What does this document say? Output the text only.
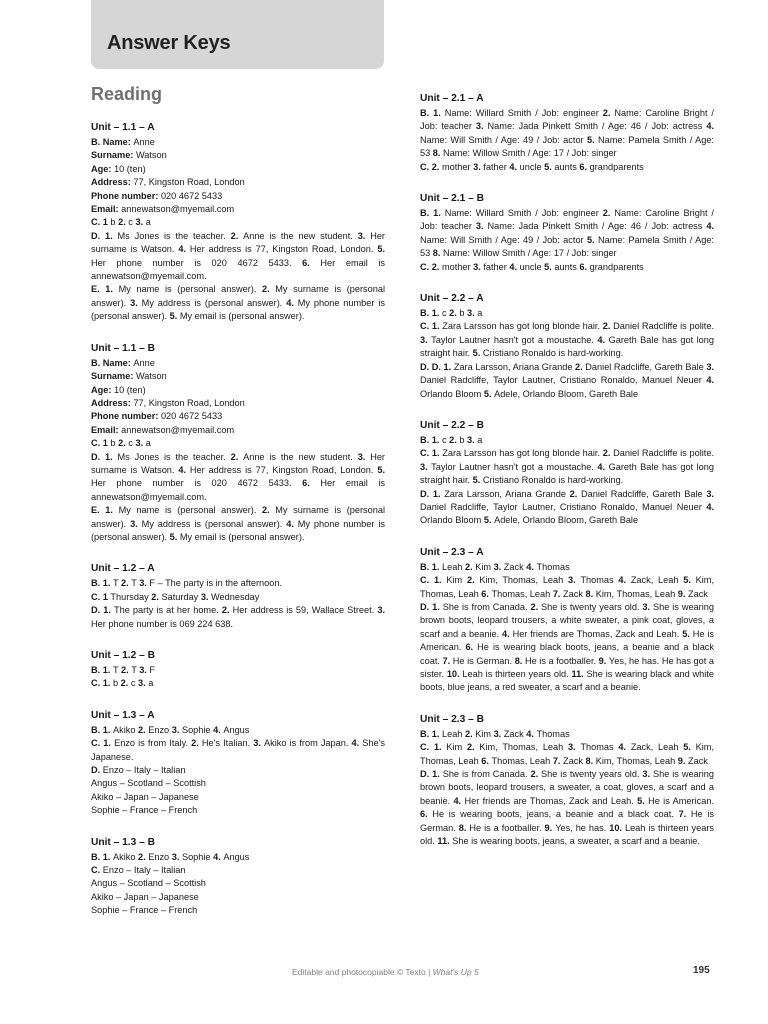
Answer Keys
Reading
Unit – 1.1 – A
B. Name: Anne
Surname: Watson
Age: 10 (ten)
Address: 77, Kingston Road, London
Phone number: 020 4672 5433
Email: annewatson@myemail.com
C. 1 b 2. c 3. a
D. 1. Ms Jones is the teacher. 2. Anne is the new student. 3. Her surname is Watson. 4. Her address is 77, Kingston Road, London. 5. Her phone number is 020 4672 5433. 6. Her email is annewatson@myemail.com.
E. 1. My name is (personal answer). 2. My surname is (personal answer). 3. My address is (personal answer). 4. My phone number is (personal answer). 5. My email is (personal answer).
Unit – 1.1 – B
B. Name: Anne
Surname: Watson
Age: 10 (ten)
Address: 77, Kingston Road, London
Phone number: 020 4672 5433
Email: annewatson@myemail.com
C. 1 b 2. c 3. a
D. 1. Ms Jones is the teacher. 2. Anne is the new student. 3. Her surname is Watson. 4. Her address is 77, Kingston Road, London. 5. Her phone number is 020 4672 5433. 6. Her email is annewatson@myemail.com.
E. 1. My name is (personal answer). 2. My surname is (personal answer). 3. My address is (personal answer). 4. My phone number is (personal answer). 5. My email is (personal answer).
Unit – 1.2 – A
B. 1. T 2. T 3. F – The party is in the afternoon.
C. 1 Thursday 2. Saturday 3. Wednesday
D. 1. The party is at her home. 2. Her address is 59, Wallace Street. 3. Her phone number is 069 224 638.
Unit – 1.2 – B
B. 1. T 2. T 3. F
C. 1. b 2. c 3. a
Unit – 1.3 – A
B. 1. Akiko 2. Enzo 3. Sophie 4. Angus
C. 1. Enzo is from Italy. 2. He's Italian. 3. Akiko is from Japan. 4. She's Japanese.
D. Enzo – Italy – Italian
Angus – Scotland – Scottish
Akiko – Japan – Japanese
Sophie – France – French
Unit – 1.3 – B
B. 1. Akiko 2. Enzo 3. Sophie 4. Angus
C. Enzo – Italy – Italian
Angus – Scotland – Scottish
Akiko – Japan – Japanese
Sophie – France – French
Unit – 2.1 – A
B. 1. Name: Willard Smith / Job: engineer 2. Name: Caroline Bright / Job: teacher 3. Name: Jada Pinkett Smith / Age: 46 / Job: actress 4. Name: Will Smith / Age: 49 / Job: actor 5. Name: Pamela Smith / Age: 53 8. Name: Willow Smith / Age: 17 / Job: singer
C. 2. mother 3. father 4. uncle 5. aunts 6. grandparents
Unit – 2.1 – B
B. 1. Name: Willard Smith / Job: engineer 2. Name: Caroline Bright / Job: teacher 3. Name: Jada Pinkett Smith / Age: 46 / Job: actress 4. Name: Will Smith / Age: 49 / Job: actor 5. Name: Pamela Smith / Age: 53 8. Name: Willow Smith / Age: 17 / Job: singer
C. 2. mother 3. father 4. uncle 5. aunts 6. grandparents
Unit – 2.2 – A
B. 1. c 2. b 3. a
C. 1. Zara Larsson has got long blonde hair. 2. Daniel Radcliffe is polite. 3. Taylor Lautner hasn't got a moustache. 4. Gareth Bale has got long straight hair. 5. Cristiano Ronaldo is hard-working.
D. D. 1. Zara Larsson, Ariana Grande 2. Daniel Radcliffe, Gareth Bale 3. Daniel Radcliffe, Taylor Lautner, Cristiano Ronaldo, Manuel Neuer 4. Orlando Bloom 5. Adele, Orlando Bloom, Gareth Bale
Unit – 2.2 – B
B. 1. c 2. b 3. a
C. 1. Zara Larsson has got long blonde hair. 2. Daniel Radcliffe is polite. 3. Taylor Lautner hasn't got a moustache. 4. Gareth Bale has got long straight hair. 5. Cristiano Ronaldo is hard-working.
D. 1. Zara Larsson, Ariana Grande 2. Daniel Radcliffe, Gareth Bale 3. Daniel Radcliffe, Taylor Lautner, Cristiano Ronaldo, Manuel Neuer 4. Orlando Bloom 5. Adele, Orlando Bloom, Gareth Bale
Unit – 2.3 – A
B. 1. Leah 2. Kim 3. Zack 4. Thomas
C. 1. Kim 2. Kim, Thomas, Leah 3. Thomas 4. Zack, Leah 5. Kim, Thomas, Leah 6. Thomas, Leah 7. Zack 8. Kim, Thomas, Leah 9. Zack
D. 1. She is from Canada. 2. She is twenty years old. 3. She is wearing brown boots, leopard trousers, a white sweater, a pink coat, gloves, a scarf and a beanie. 4. Her friends are Thomas, Zack and Leah. 5. He is American. 6. He is wearing black boots, jeans, a beanie and a black coat. 7. He is German. 8. He is a footballer. 9. Yes, he has. He has got a sister. 10. Leah is thirteen years old. 11. She is wearing black and white boots, blue jeans, a red sweater, a scarf and a beanie.
Unit – 2.3 – B
B. 1. Leah 2. Kim 3. Zack 4. Thomas
C. 1. Kim 2. Kim, Thomas, Leah 3. Thomas 4. Zack, Leah 5. Kim, Thomas, Leah 6. Thomas, Leah 7. Zack 8. Kim, Thomas, Leah 9. Zack
D. 1. She is from Canada. 2. She is twenty years old. 3. She is wearing brown boots, leopard trousers, a sweater, a coat, gloves, a scarf and a beanie. 4. Her friends are Thomas, Zack and Leah. 5. He is American. 6. He is wearing boots, jeans, a beanie and a black coat. 7. He is German. 8. He is a footballer. 9. Yes, he has. 10. Leah is thirteen years old. 11. She is wearing boots, jeans, a sweater, a scarf and a beanie.
Editable and photocopiable © Texto | What's Up 5	195
